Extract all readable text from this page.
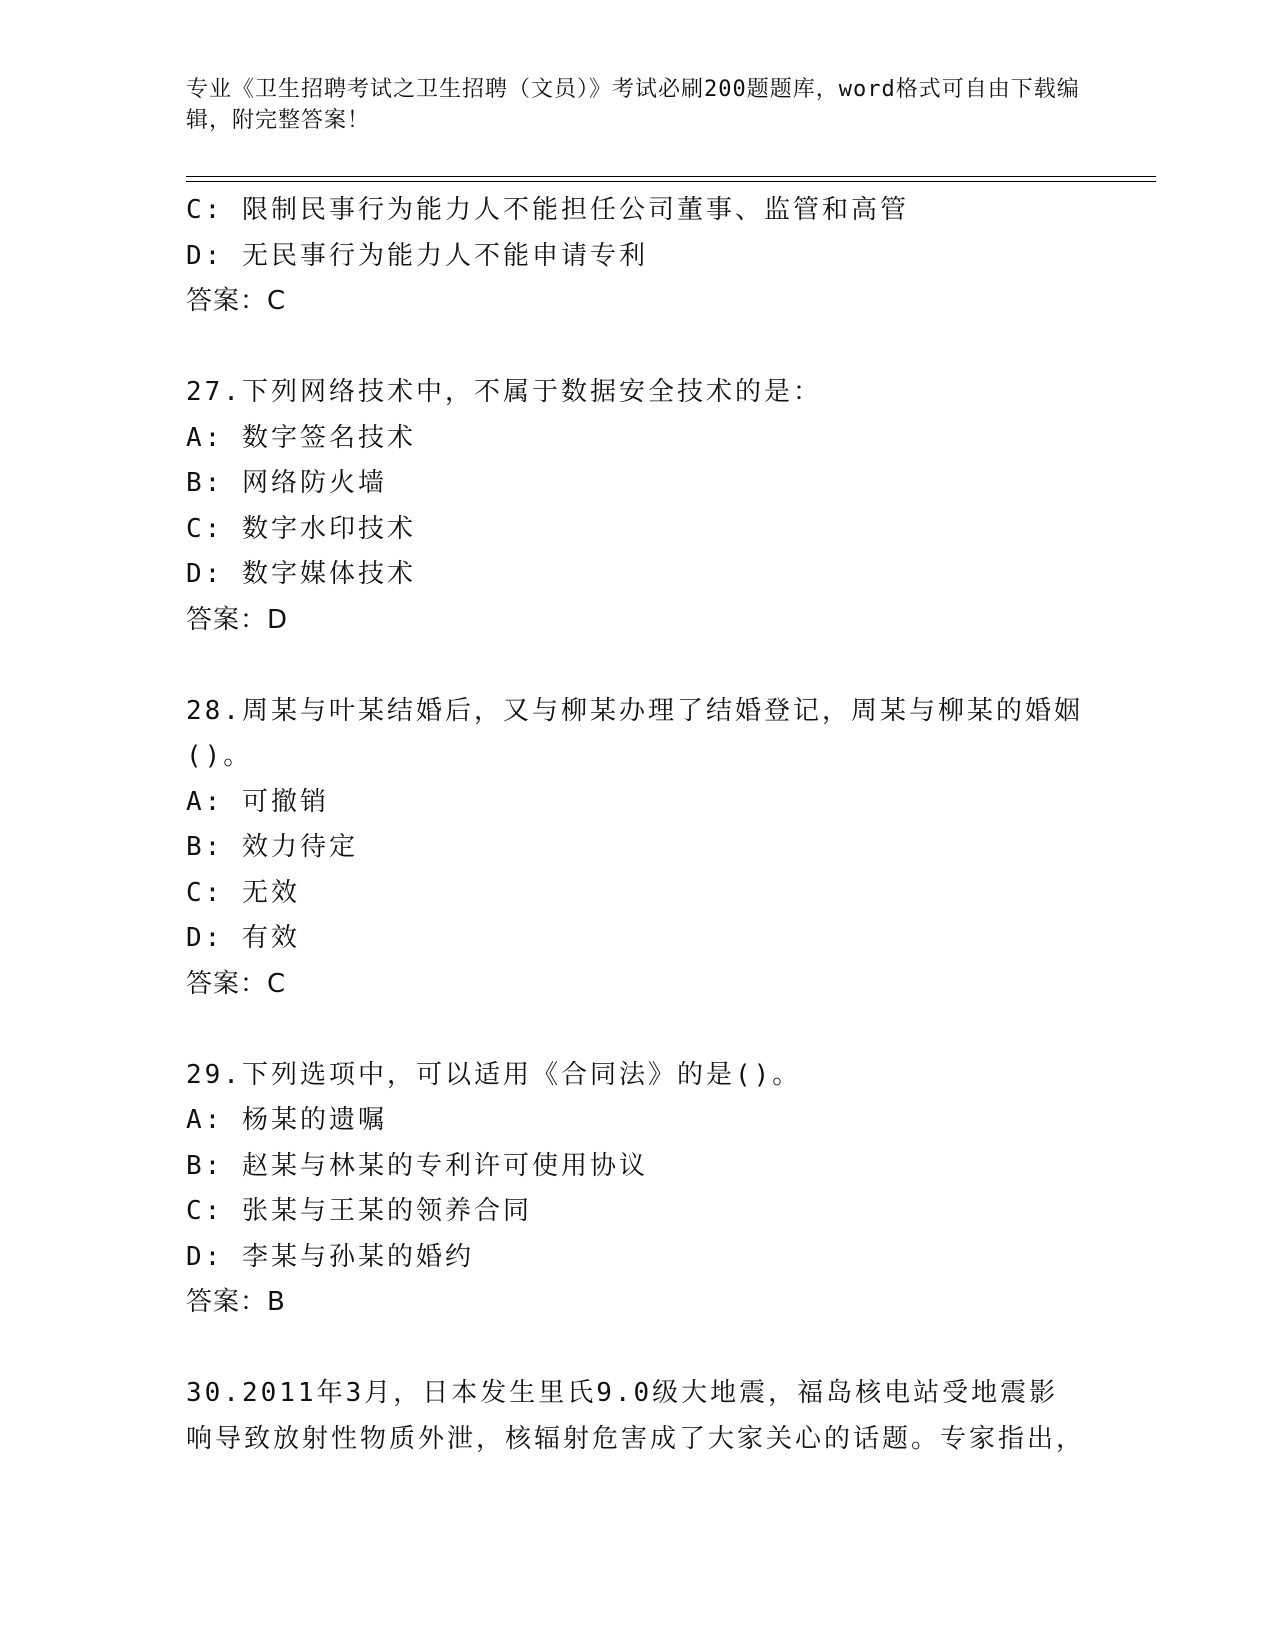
专业《卫生招聘考试之卫生招聘（文员）》考试必刷200题题库，word格式可自由下载编辑，附完整答案！
C: 限制民事行为能力人不能担任公司董事、监管和高管
D: 无民事行为能力人不能申请专利
答案：C
27.下列网络技术中，不属于数据安全技术的是：
A: 数字签名技术
B: 网络防火墙
C: 数字水印技术
D: 数字媒体技术
答案：D
28.周某与叶某结婚后，又与柳某办理了结婚登记，周某与柳某的婚姻()。
A: 可撤销
B: 效力待定
C: 无效
D: 有效
答案：C
29.下列选项中，可以适用《合同法》的是()。
A: 杨某的遗嘱
B: 赵某与林某的专利许可使用协议
C: 张某与王某的领养合同
D: 李某与孙某的婚约
答案：B
30.2011年3月，日本发生里氏9.0级大地震，福岛核电站受地震影响导致放射性物质外泄，核辐射危害成了大家关心的话题。专家指出，
